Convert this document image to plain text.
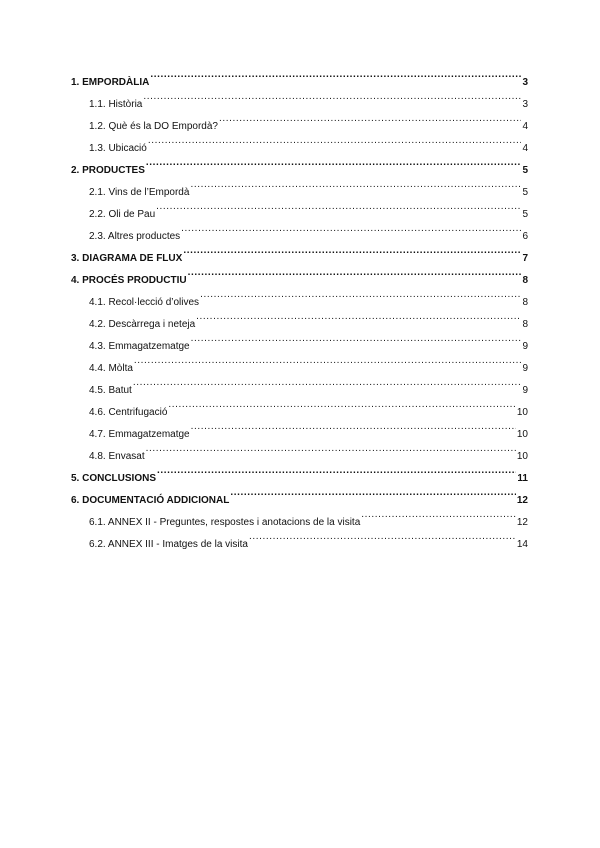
1. EMPORDÀLIA .....	3
1.1. Història .....	3
1.2. Què és la DO Empordà? .....	4
1.3. Ubicació .....	4
2. PRODUCTES .....	5
2.1. Vins de l’Empordà .....	5
2.2. Oli de Pau .....	5
2.3. Altres productes .....	6
3. DIAGRAMA DE FLUX .....	7
4. PROCÉS PRODUCTIU .....	8
4.1. Recol·lecció d’olives .....	8
4.2. Descàrrega i neteja .....	8
4.3. Emmagatzematge .....	9
4.4. Mòlta .....	9
4.5. Batut .....	9
4.6. Centrifugació .....	10
4.7. Emmagatzematge .....	10
4.8. Envasat .....	10
5. CONCLUSIONS .....	11
6. DOCUMENTACIÓ ADDICIONAL .....	12
6.1. ANNEX II - Preguntes, respostes i anotacions de la visita .....	12
6.2. ANNEX III - Imatges de la visita .....	14
